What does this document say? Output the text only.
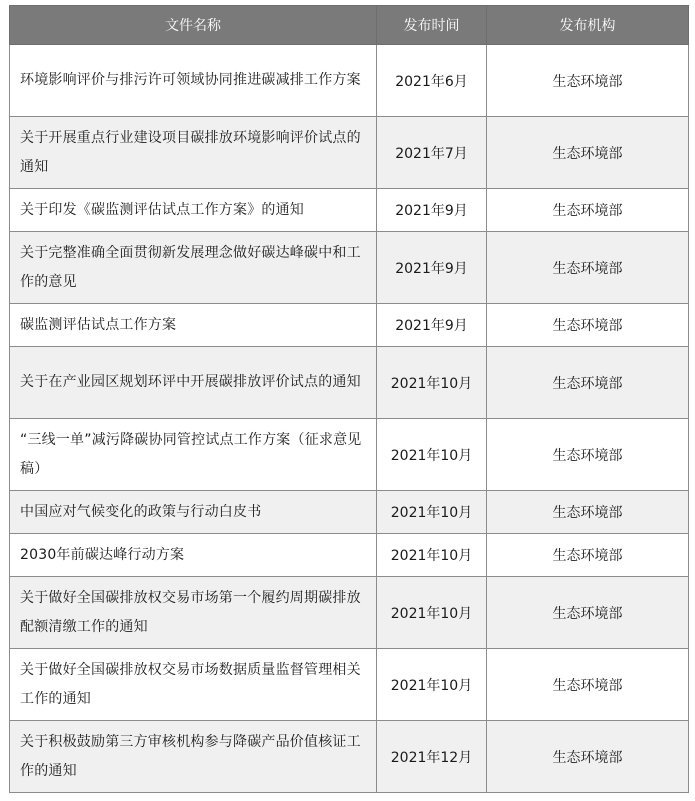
文件名称	发布时间	发布机构
环境影响评价与排污许可领域协同推进碳减排工作方案	2021年6月	生态环境部
关于开展重点行业建设项目碳排放环境影响评价试点的通知	2021年7月	生态环境部
关于印发《碳监测评估试点工作方案》的通知	2021年9月	生态环境部
关于完整准确全面贯彻新发展理念做好碳达峰碳中和工作的意见	2021年9月	生态环境部
碳监测评估试点工作方案	2021年9月	生态环境部
关于在产业园区规划环评中开展碳排放评价试点的通知	2021年10月	生态环境部
“三线一单”减污降碳协同管控试点工作方案（征求意见稿）	2021年10月	生态环境部
中国应对气候变化的政策与行动白皮书	2021年10月	生态环境部
2030年前碳达峰行动方案	2021年10月	生态环境部
关于做好全国碳排放权交易市场第一个履约周期碳排放配额清缴工作的通知	2021年10月	生态环境部
关于做好全国碳排放权交易市场数据质量监督管理相关工作的通知	2021年10月	生态环境部
关于积极鼓励第三方审核机构参与降碳产品价值核证工作的通知	2021年12月	生态环境部
